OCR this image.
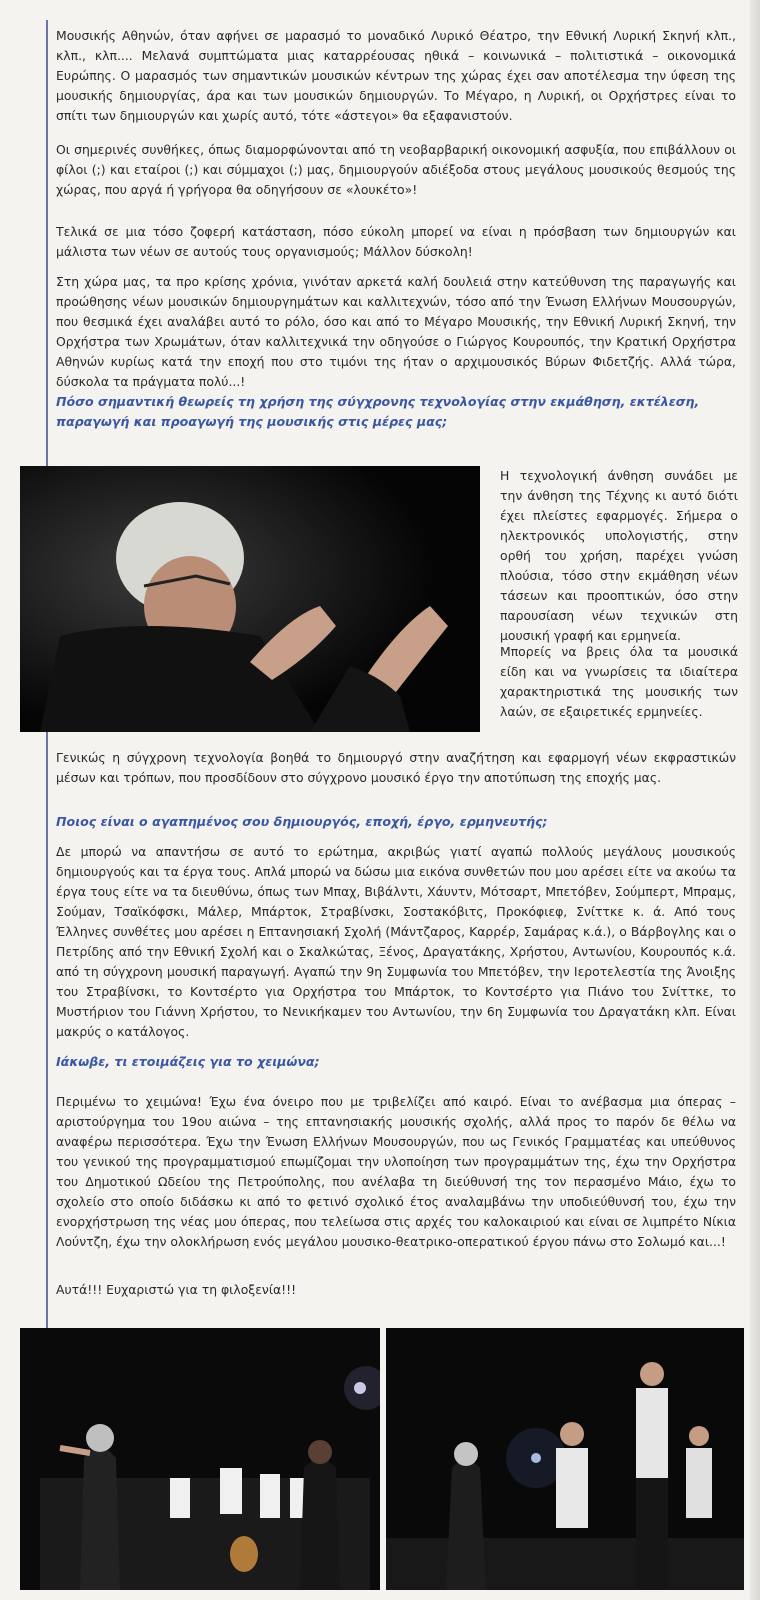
Μουσικής Αθηνών, όταν αφήνει σε μαρασμό το μοναδικό Λυρικό Θέατρο, την Εθνική Λυρική Σκηνή κλπ., κλπ., κλπ.... Μελανά συμπτώματα μιας καταρρέουσας ηθικά – κοινωνικά – πολιτιστικά – οικονομικά Ευρώπης. Ο μαρασμός των σημαντικών μουσικών κέντρων της χώρας έχει σαν αποτέλεσμα την ύφεση της μουσικής δημιουργίας, άρα και των μουσικών δημιουργών. Το Μέγαρο, η Λυρική, οι Ορχήστρες είναι το σπίτι των δημιουργών και χωρίς αυτό, τότε «άστεγοι» θα εξαφανιστούν.

Οι σημερινές συνθήκες, όπως διαμορφώνονται από τη νεοβαρβαρική οικονομική ασφυξία, που επιβάλλουν οι φίλοι (;) και εταίροι (;) και σύμμαχοι (;) μας, δημιουργούν αδιέξοδα στους μεγάλους μουσικούς θεσμούς της χώρας, που αργά ή γρήγορα θα οδηγήσουν σε «λουκέτο»!

Τελικά σε μια τόσο ζοφερή κατάσταση, πόσο εύκολη μπορεί να είναι η πρόσβαση των δημιουργών και μάλιστα των νέων σε αυτούς τους οργανισμούς; Μάλλον δύσκολη!

Στη χώρα μας, τα προ κρίσης χρόνια, γινόταν αρκετά καλή δουλειά στην κατεύθυνση της παραγωγής και προώθησης νέων μουσικών δημιουργημάτων και καλλιτεχνών, τόσο από την Ένωση Ελλήνων Μουσουργών, που θεσμικά έχει αναλάβει αυτό το ρόλο, όσο και από το Μέγαρο Μουσικής, την Εθνική Λυρική Σκηνή, την Ορχήστρα των Χρωμάτων, όταν καλλιτεχνικά την οδηγούσε ο Γιώργος Κουρουπός, την Κρατική Ορχήστρα Αθηνών κυρίως κατά την εποχή που στο τιμόνι της ήταν ο αρχιμουσικός Βύρων Φιδετζής. Αλλά τώρα, δύσκολα τα πράγματα πολύ...!

Πόσο σημαντική θεωρείς τη χρήση της σύγχρονης τεχνολογίας στην εκμάθηση, εκτέλεση, παραγωγή και προαγωγή της μουσικής στις μέρες μας;

Η τεχνολογική άνθηση συνάδει με την άνθηση της Τέχνης κι αυτό διότι έχει πλείστες εφαρμογές. Σήμερα ο ηλεκτρονικός υπολογιστής, στην ορθή του χρήση, παρέχει γνώση πλούσια, τόσο στην εκμάθηση νέων τάσεων και προοπτικών, όσο στην παρουσίαση νέων τεχνικών στη μουσική γραφή και ερμηνεία.

Μπορείς να βρεις όλα τα μουσικά είδη και να γνωρίσεις τα ιδιαίτερα χαρακτηριστικά της μουσικής των λαών, σε εξαιρετικές ερμηνείες.

Γενικώς η σύγχρονη τεχνολογία βοηθά το δημιουργό στην αναζήτηση και εφαρμογή νέων εκφραστικών μέσων και τρόπων, που προσδίδουν στο σύγχρονο μουσικό έργο την αποτύπωση της εποχής μας.

Ποιος είναι ο αγαπημένος σου δημιουργός, εποχή, έργο, ερμηνευτής;

Δε μπορώ να απαντήσω σε αυτό το ερώτημα, ακριβώς γιατί αγαπώ πολλούς μεγάλους μουσικούς δημιουργούς και τα έργα τους. Απλά μπορώ να δώσω μια εικόνα συνθετών που μου αρέσει είτε να ακούω τα έργα τους είτε να τα διευθύνω, όπως των Μπαχ, Βιβάλντι, Χάυντν, Μότσαρτ, Μπετόβεν, Σούμπερτ, Μπραμς, Σούμαν, Τσαϊκόφσκι, Μάλερ, Μπάρτοκ, Στραβίνσκι, Σοστακόβιτς, Προκόφιεφ, Σνίττκε κ. ά. Από τους Έλληνες συνθέτες μου αρέσει η Επτανησιακή Σχολή (Μάντζαρος, Καρρέρ, Σαμάρας κ.ά.), ο Βάρβογλης και ο Πετρίδης από την Εθνική Σχολή και ο Σκαλκώτας, Ξένος, Δραγατάκης, Χρήστου, Αντωνίου, Κουρουπός κ.ά. από τη σύγχρονη μουσική παραγωγή. Αγαπώ την 9η Συμφωνία του Μπετόβεν, την Ιεροτελεστία της Άνοιξης του Στραβίνσκι, το Κοντσέρτο για Ορχήστρα του Μπάρτοκ, το Κοντσέρτο για Πιάνο του Σνίττκε, το Μυστήριον του Γιάννη Χρήστου, το Νενικήκαμεν του Αντωνίου, την 6η Συμφωνία του Δραγατάκη κλπ. Είναι μακρύς ο κατάλογος.

Ιάκωβε, τι ετοιμάζεις για το χειμώνα;

Περιμένω το χειμώνα! Έχω ένα όνειρο που με τριβελίζει από καιρό. Είναι το ανέβασμα μια όπερας – αριστούργημα του 19ου αιώνα – της επτανησιακής μουσικής σχολής, αλλά προς το παρόν δε θέλω να αναφέρω περισσότερα. Έχω την Ένωση Ελλήνων Μουσουργών, που ως Γενικός Γραμματέας και υπεύθυνος του γενικού της προγραμματισμού επωμίζομαι την υλοποίηση των προγραμμάτων της, έχω την Ορχήστρα του Δημοτικού Ωδείου της Πετρούπολης, που ανέλαβα τη διεύθυνσή της τον περασμένο Μάιο, έχω το σχολείο στο οποίο διδάσκω κι από το φετινό σχολικό έτος αναλαμβάνω την υποδιεύθυνσή του, έχω την ενορχήστρωση της νέας μου όπερας, που τελείωσα στις αρχές του καλοκαιριού και είναι σε λιμπρέτο Νίκια Λούντζη, έχω την ολοκλήρωση ενός μεγάλου μουσικο-θεατρικο-οπερατικού έργου πάνω στο Σολωμό και...!

Αυτά!!! Ευχαριστώ για τη φιλοξενία!!!
